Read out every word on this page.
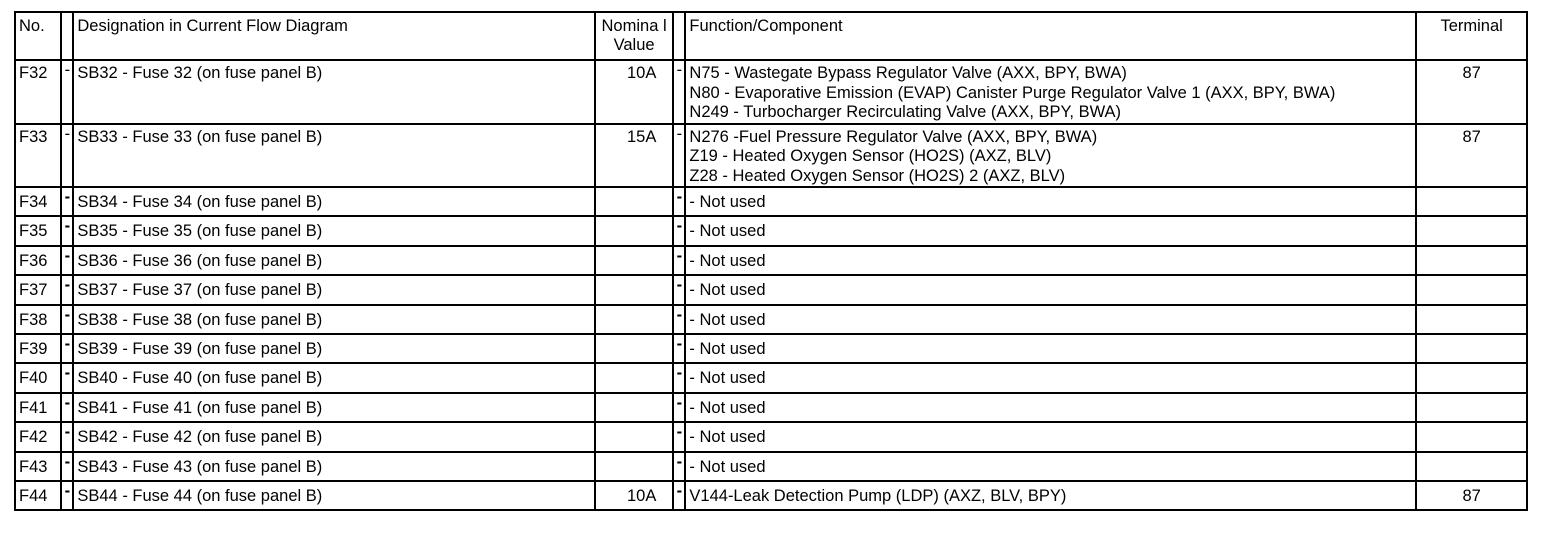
No.		Designation in Current Flow Diagram	Nomina l Value		Function/Component	Terminal
F32	-	SB32 - Fuse 32 (on fuse panel B)	10A	-	N75 - Wastegate Bypass Regulator Valve (AXX, BPY, BWA)
N80 - Evaporative Emission (EVAP) Canister Purge Regulator Valve 1 (AXX, BPY, BWA)
N249 - Turbocharger Recirculating Valve (AXX, BPY, BWA)	87
F33	-	SB33 - Fuse 33 (on fuse panel B)	15A	-	N276 -Fuel Pressure Regulator Valve (AXX, BPY, BWA)
Z19 - Heated Oxygen Sensor (HO2S) (AXZ, BLV)
Z28 - Heated Oxygen Sensor (HO2S) 2 (AXZ, BLV)	87
F34	-	SB34 - Fuse 34 (on fuse panel B)		-	- Not used	

F35	-	SB35 - Fuse 35 (on fuse panel B)		-	- Not used	

F36	-	SB36 - Fuse 36 (on fuse panel B)		-	- Not used	

F37	-	SB37 - Fuse 37 (on fuse panel B)		-	- Not used	

F38	-	SB38 - Fuse 38 (on fuse panel B)		-	- Not used	

F39	-	SB39 - Fuse 39 (on fuse panel B)		-	- Not used	

F40	-	SB40 - Fuse 40 (on fuse panel B)		-	- Not used	

F41	-	SB41 - Fuse 41 (on fuse panel B)		-	- Not used	

F42	-	SB42 - Fuse 42 (on fuse panel B)		-	- Not used	

F43	-	SB43 - Fuse 43 (on fuse panel B)		-	- Not used	

F44	-	SB44 - Fuse 44 (on fuse panel B)	10A	-	V144-Leak Detection Pump (LDP) (AXZ, BLV, BPY)	87
